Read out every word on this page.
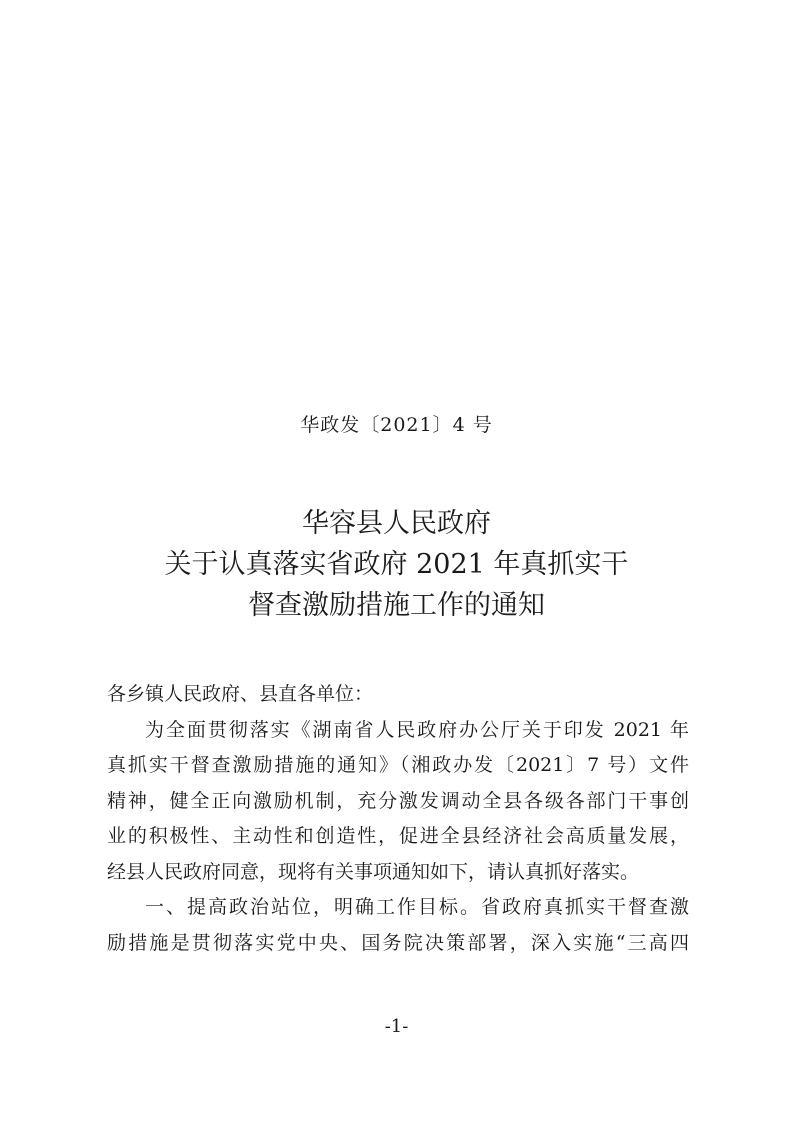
华政发〔2021〕4 号
华容县人民政府
关于认真落实省政府 2021 年真抓实干
督查激励措施工作的通知

各乡镇人民政府、县直各单位：

为全面贯彻落实《湖南省人民政府办公厅关于印发 2021 年
真抓实干督查激励措施的通知》（湘政办发〔2021〕7 号）文件
精神，健全正向激励机制，充分激发调动全县各级各部门干事创
业的积极性、主动性和创造性，促进全县经济社会高质量发展，
经县人民政府同意，现将有关事项通知如下，请认真抓好落实。
一、提高政治站位，明确工作目标。省政府真抓实干督查激
励措施是贯彻落实党中央、国务院决策部署，深入实施“三高四
-1-
